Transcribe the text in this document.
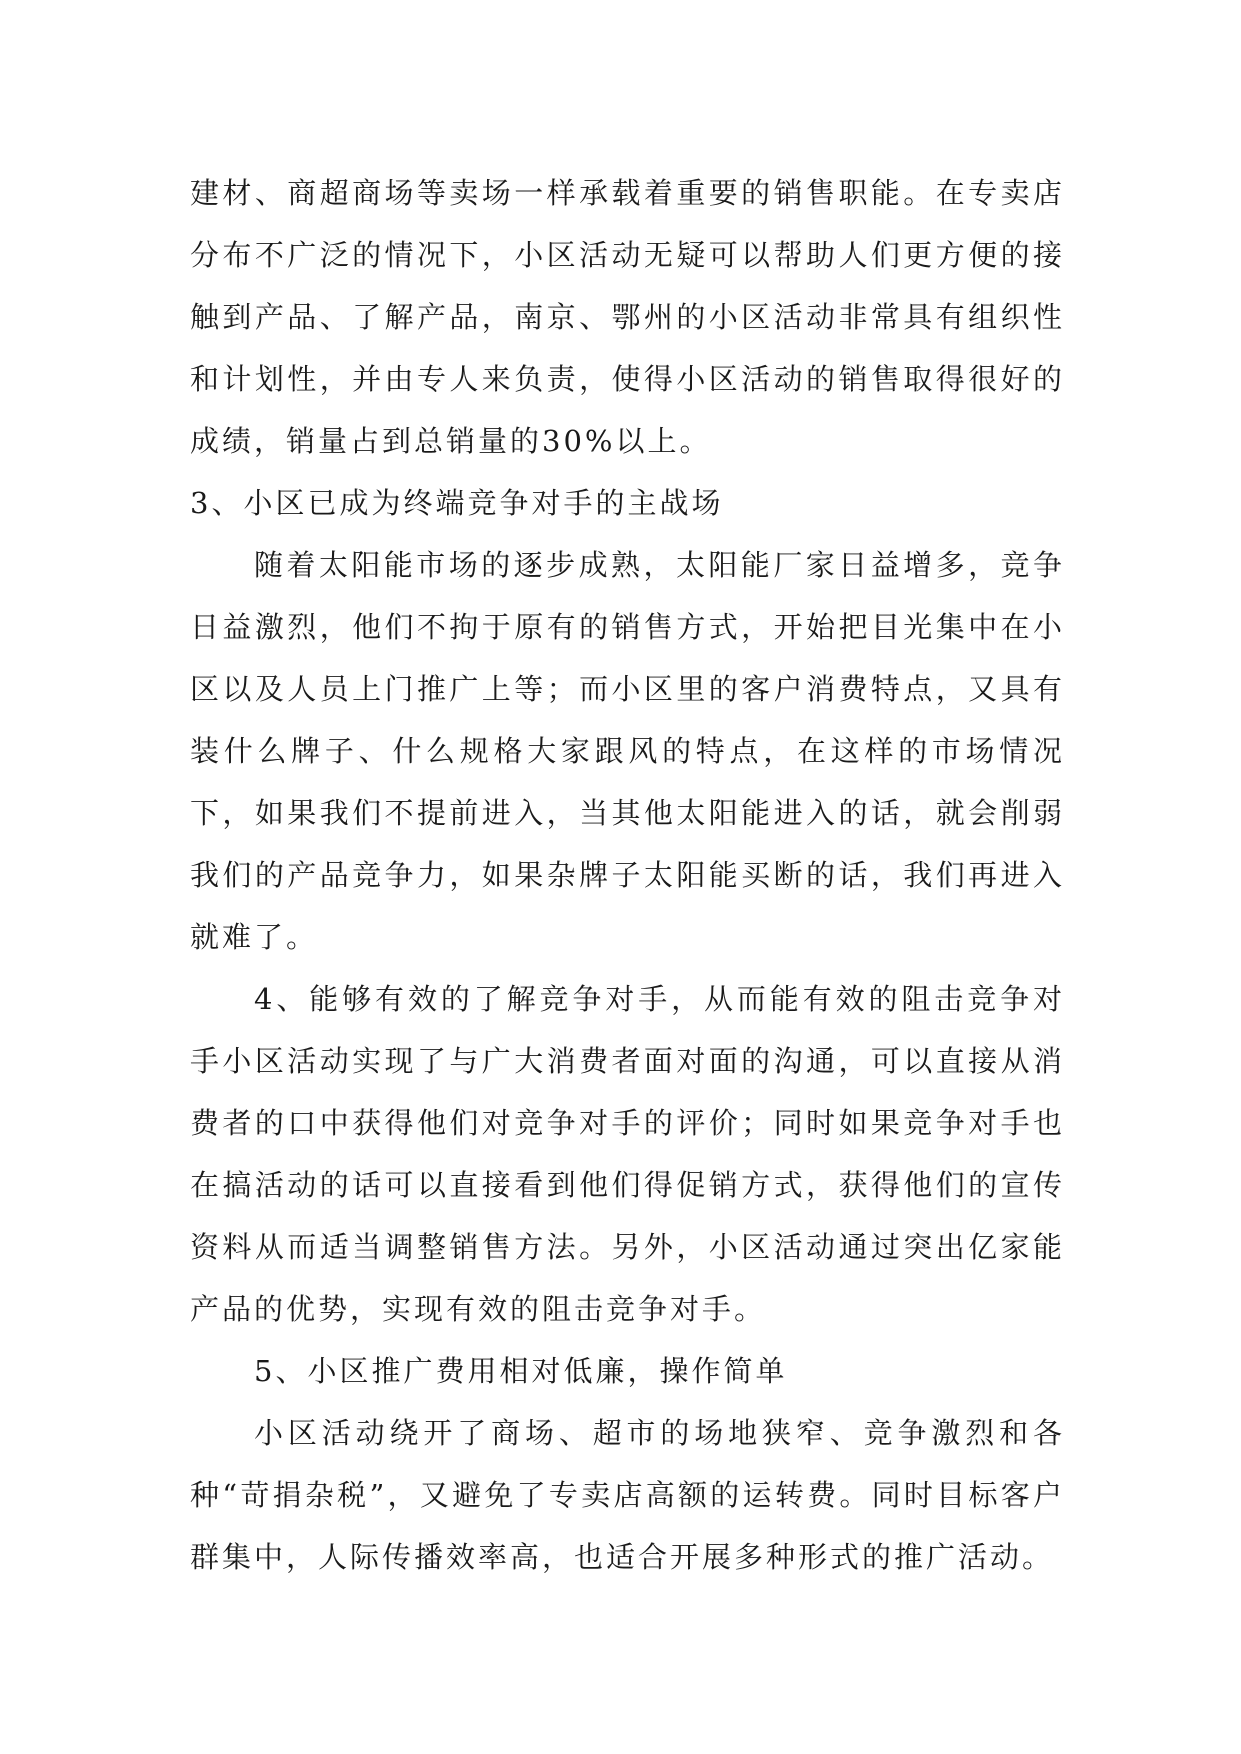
建材、商超商场等卖场一样承载着重要的销售职能。在专卖店分布不广泛的情况下，小区活动无疑可以帮助人们更方便的接触到产品、了解产品，南京、鄂州的小区活动非常具有组织性和计划性，并由专人来负责，使得小区活动的销售取得很好的成绩，销量占到总销量的30%以上。

3、小区已成为终端竞争对手的主战场

随着太阳能市场的逐步成熟，太阳能厂家日益增多，竞争日益激烈，他们不拘于原有的销售方式，开始把目光集中在小区以及人员上门推广上等；而小区里的客户消费特点，又具有装什么牌子、什么规格大家跟风的特点，在这样的市场情况下，如果我们不提前进入，当其他太阳能进入的话，就会削弱我们的产品竞争力，如果杂牌子太阳能买断的话，我们再进入就难了。

4、能够有效的了解竞争对手，从而能有效的阻击竞争对手小区活动实现了与广大消费者面对面的沟通，可以直接从消费者的口中获得他们对竞争对手的评价；同时如果竞争对手也在搞活动的话可以直接看到他们得促销方式，获得他们的宣传资料从而适当调整销售方法。另外，小区活动通过突出亿家能产品的优势，实现有效的阻击竞争对手。

5、小区推广费用相对低廉，操作简单

小区活动绕开了商场、超市的场地狭窄、竞争激烈和各种“苛捐杂税”，又避免了专卖店高额的运转费。同时目标客户群集中，人际传播效率高，也适合开展多种形式的推广活动。
